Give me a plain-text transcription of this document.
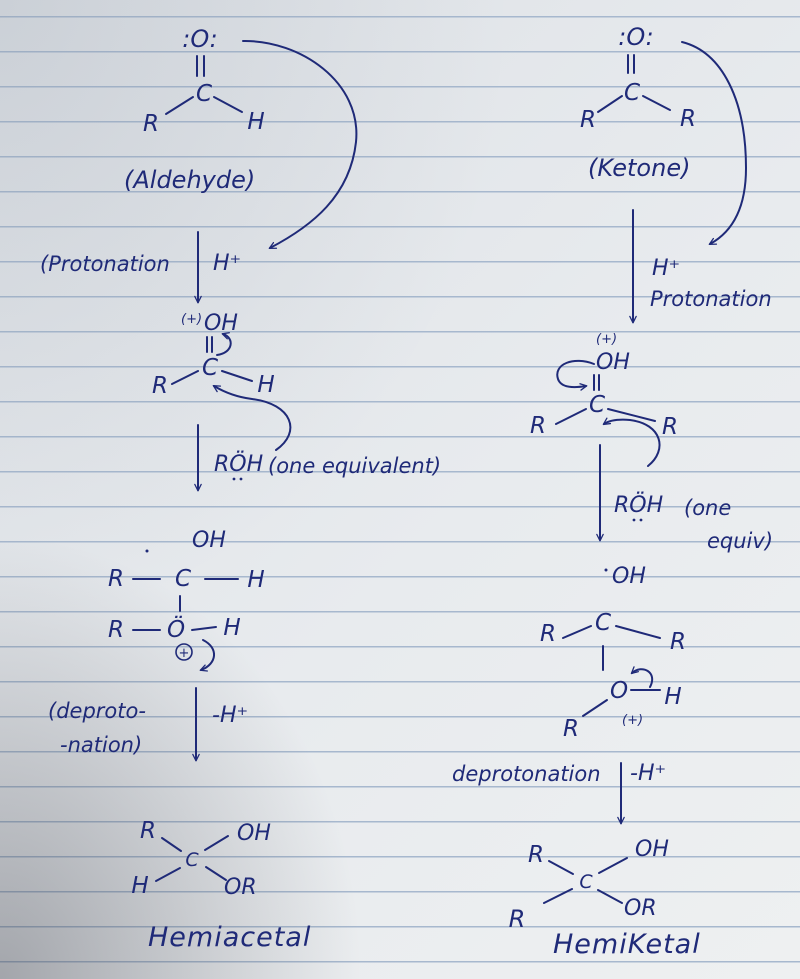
:O:
C
R	H
(Aldehyde)
(Protonation H⁺
(+) OH
C
R	H
RÖH (one equivalent)
OH
R C H
R Ö H
+
(deproto-
-nation)
-H⁺
R
C
OH
H	OR
Hemiacetal
:O:
C
R	R
(Ketone)
H⁺
Protonation
(+)
OH
C
R	R
RÖH (one
equiv)
OH
C
R	R
O H
R	(+)
deprotonation -H⁺
R
C
OH
R	OR
HemiKetal
